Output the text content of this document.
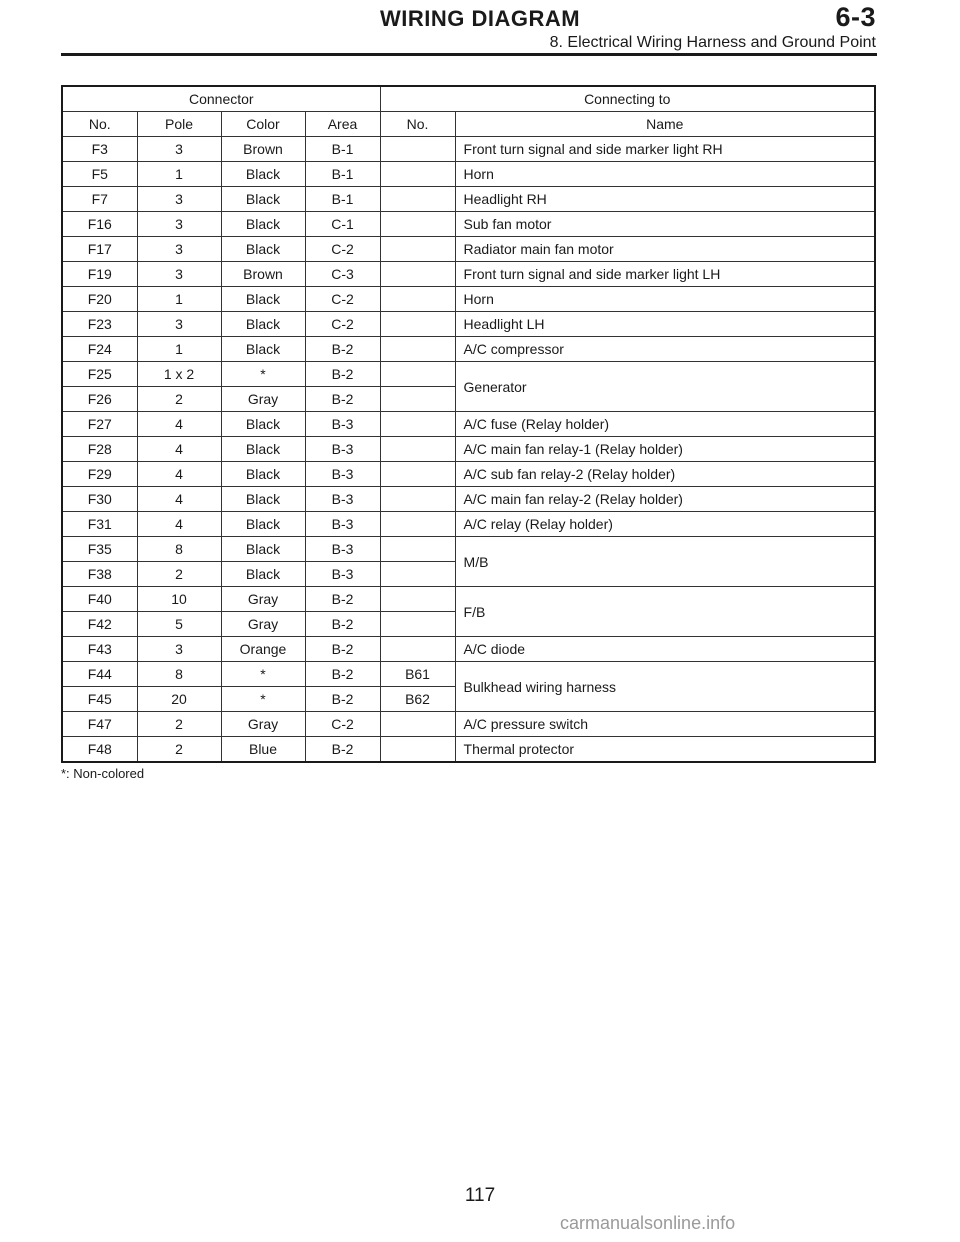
WIRING DIAGRAM	6-3
8. Electrical Wiring Harness and Ground Point
Connector				Connecting to	
No.	Pole	Color	Area	No.	Name
F3	3	Brown	B-1		Front turn signal and side marker light RH
F5	1	Black	B-1		Horn
F7	3	Black	B-1		Headlight RH
F16	3	Black	C-1		Sub fan motor
F17	3	Black	C-2		Radiator main fan motor
F19	3	Brown	C-3		Front turn signal and side marker light LH
F20	1	Black	C-2		Horn
F23	3	Black	C-2		Headlight LH
F24	1	Black	B-2		A/C compressor
F25	1 x 2	*	B-2		Generator
F26	2	Gray	B-2		
F27	4	Black	B-3		A/C fuse (Relay holder)
F28	4	Black	B-3		A/C main fan relay-1 (Relay holder)
F29	4	Black	B-3		A/C sub fan relay-2 (Relay holder)
F30	4	Black	B-3		A/C main fan relay-2 (Relay holder)
F31	4	Black	B-3		A/C relay (Relay holder)
F35	8	Black	B-3		M/B
F38	2	Black	B-3		
F40	10	Gray	B-2		F/B
F42	5	Gray	B-2		
F43	3	Orange	B-2		A/C diode
F44	8	*	B-2	B61	Bulkhead wiring harness
F45	20	*	B-2	B62	
F47	2	Gray	C-2		A/C pressure switch
F48	2	Blue	B-2		Thermal protector
*: Non-colored
117
carmanualsonline.info
